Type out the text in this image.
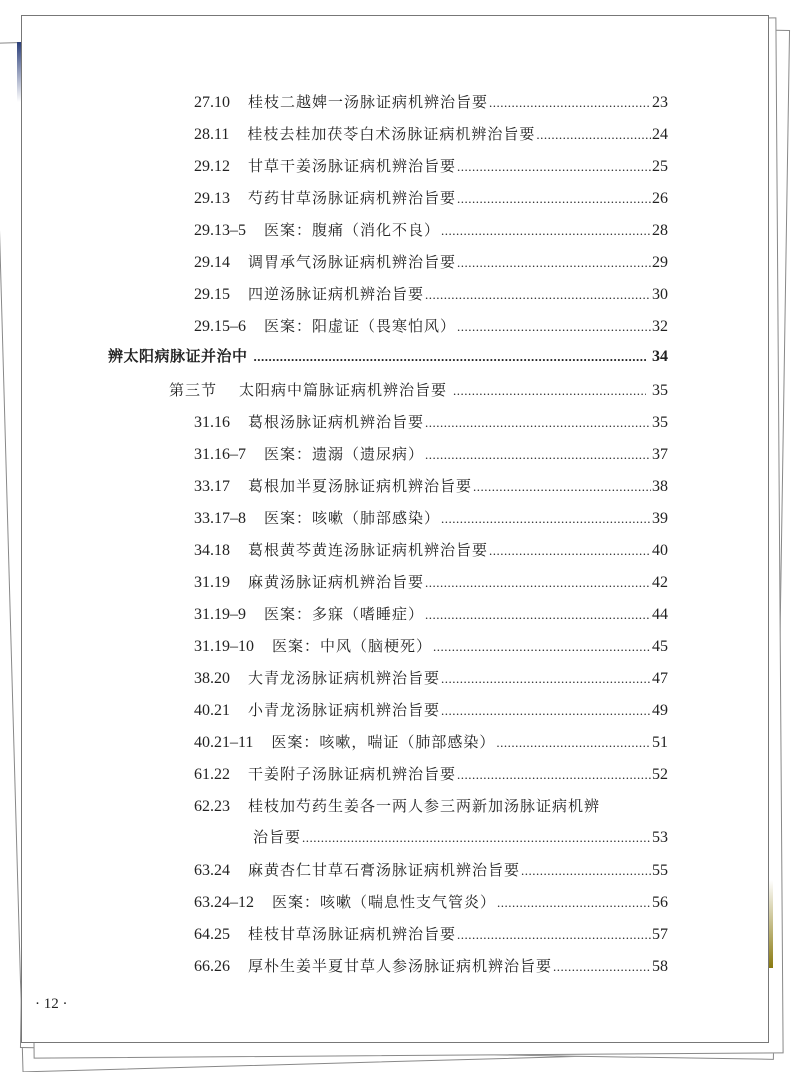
27.10 桂枝二越婢一汤脉证病机辨治旨要 .....	23
28.11 桂枝去桂加茯苓白术汤脉证病机辨治旨要 .....	24
29.12 甘草干姜汤脉证病机辨治旨要 .....	25
29.13 芍药甘草汤脉证病机辨治旨要 .....	26
29.13–5 医案：腹痛（消化不良） .....	28
29.14 调胃承气汤脉证病机辨治旨要 .....	29
29.15 四逆汤脉证病机辨治旨要 .....	30
29.15–6 医案：阳虚证（畏寒怕风） .....	32
辨太阳病脉证并治中 .....	34
第三节 太阳病中篇脉证病机辨治旨要 .....	35
31.16 葛根汤脉证病机辨治旨要 .....	35
31.16–7 医案：遗溺（遗尿病） .....	37
33.17 葛根加半夏汤脉证病机辨治旨要 .....	38
33.17–8 医案：咳嗽（肺部感染） .....	39
34.18 葛根黄芩黄连汤脉证病机辨治旨要 .....	40
31.19 麻黄汤脉证病机辨治旨要 .....	42
31.19–9 医案：多寐（嗜睡症） .....	44
31.19–10 医案：中风（脑梗死） .....	45
38.20 大青龙汤脉证病机辨治旨要 .....	47
40.21 小青龙汤脉证病机辨治旨要 .....	49
40.21–11 医案：咳嗽，喘证（肺部感染） .....	51
61.22 干姜附子汤脉证病机辨治旨要 .....	52
62.23 桂枝加芍药生姜各一两人参三两新加汤脉证病机辨
治旨要 .....	53
63.24 麻黄杏仁甘草石膏汤脉证病机辨治旨要 .....	55
63.24–12 医案：咳嗽（喘息性支气管炎） .....	56
64.25 桂枝甘草汤脉证病机辨治旨要 .....	57
66.26 厚朴生姜半夏甘草人参汤脉证病机辨治旨要 .....	58
· 12 ·
